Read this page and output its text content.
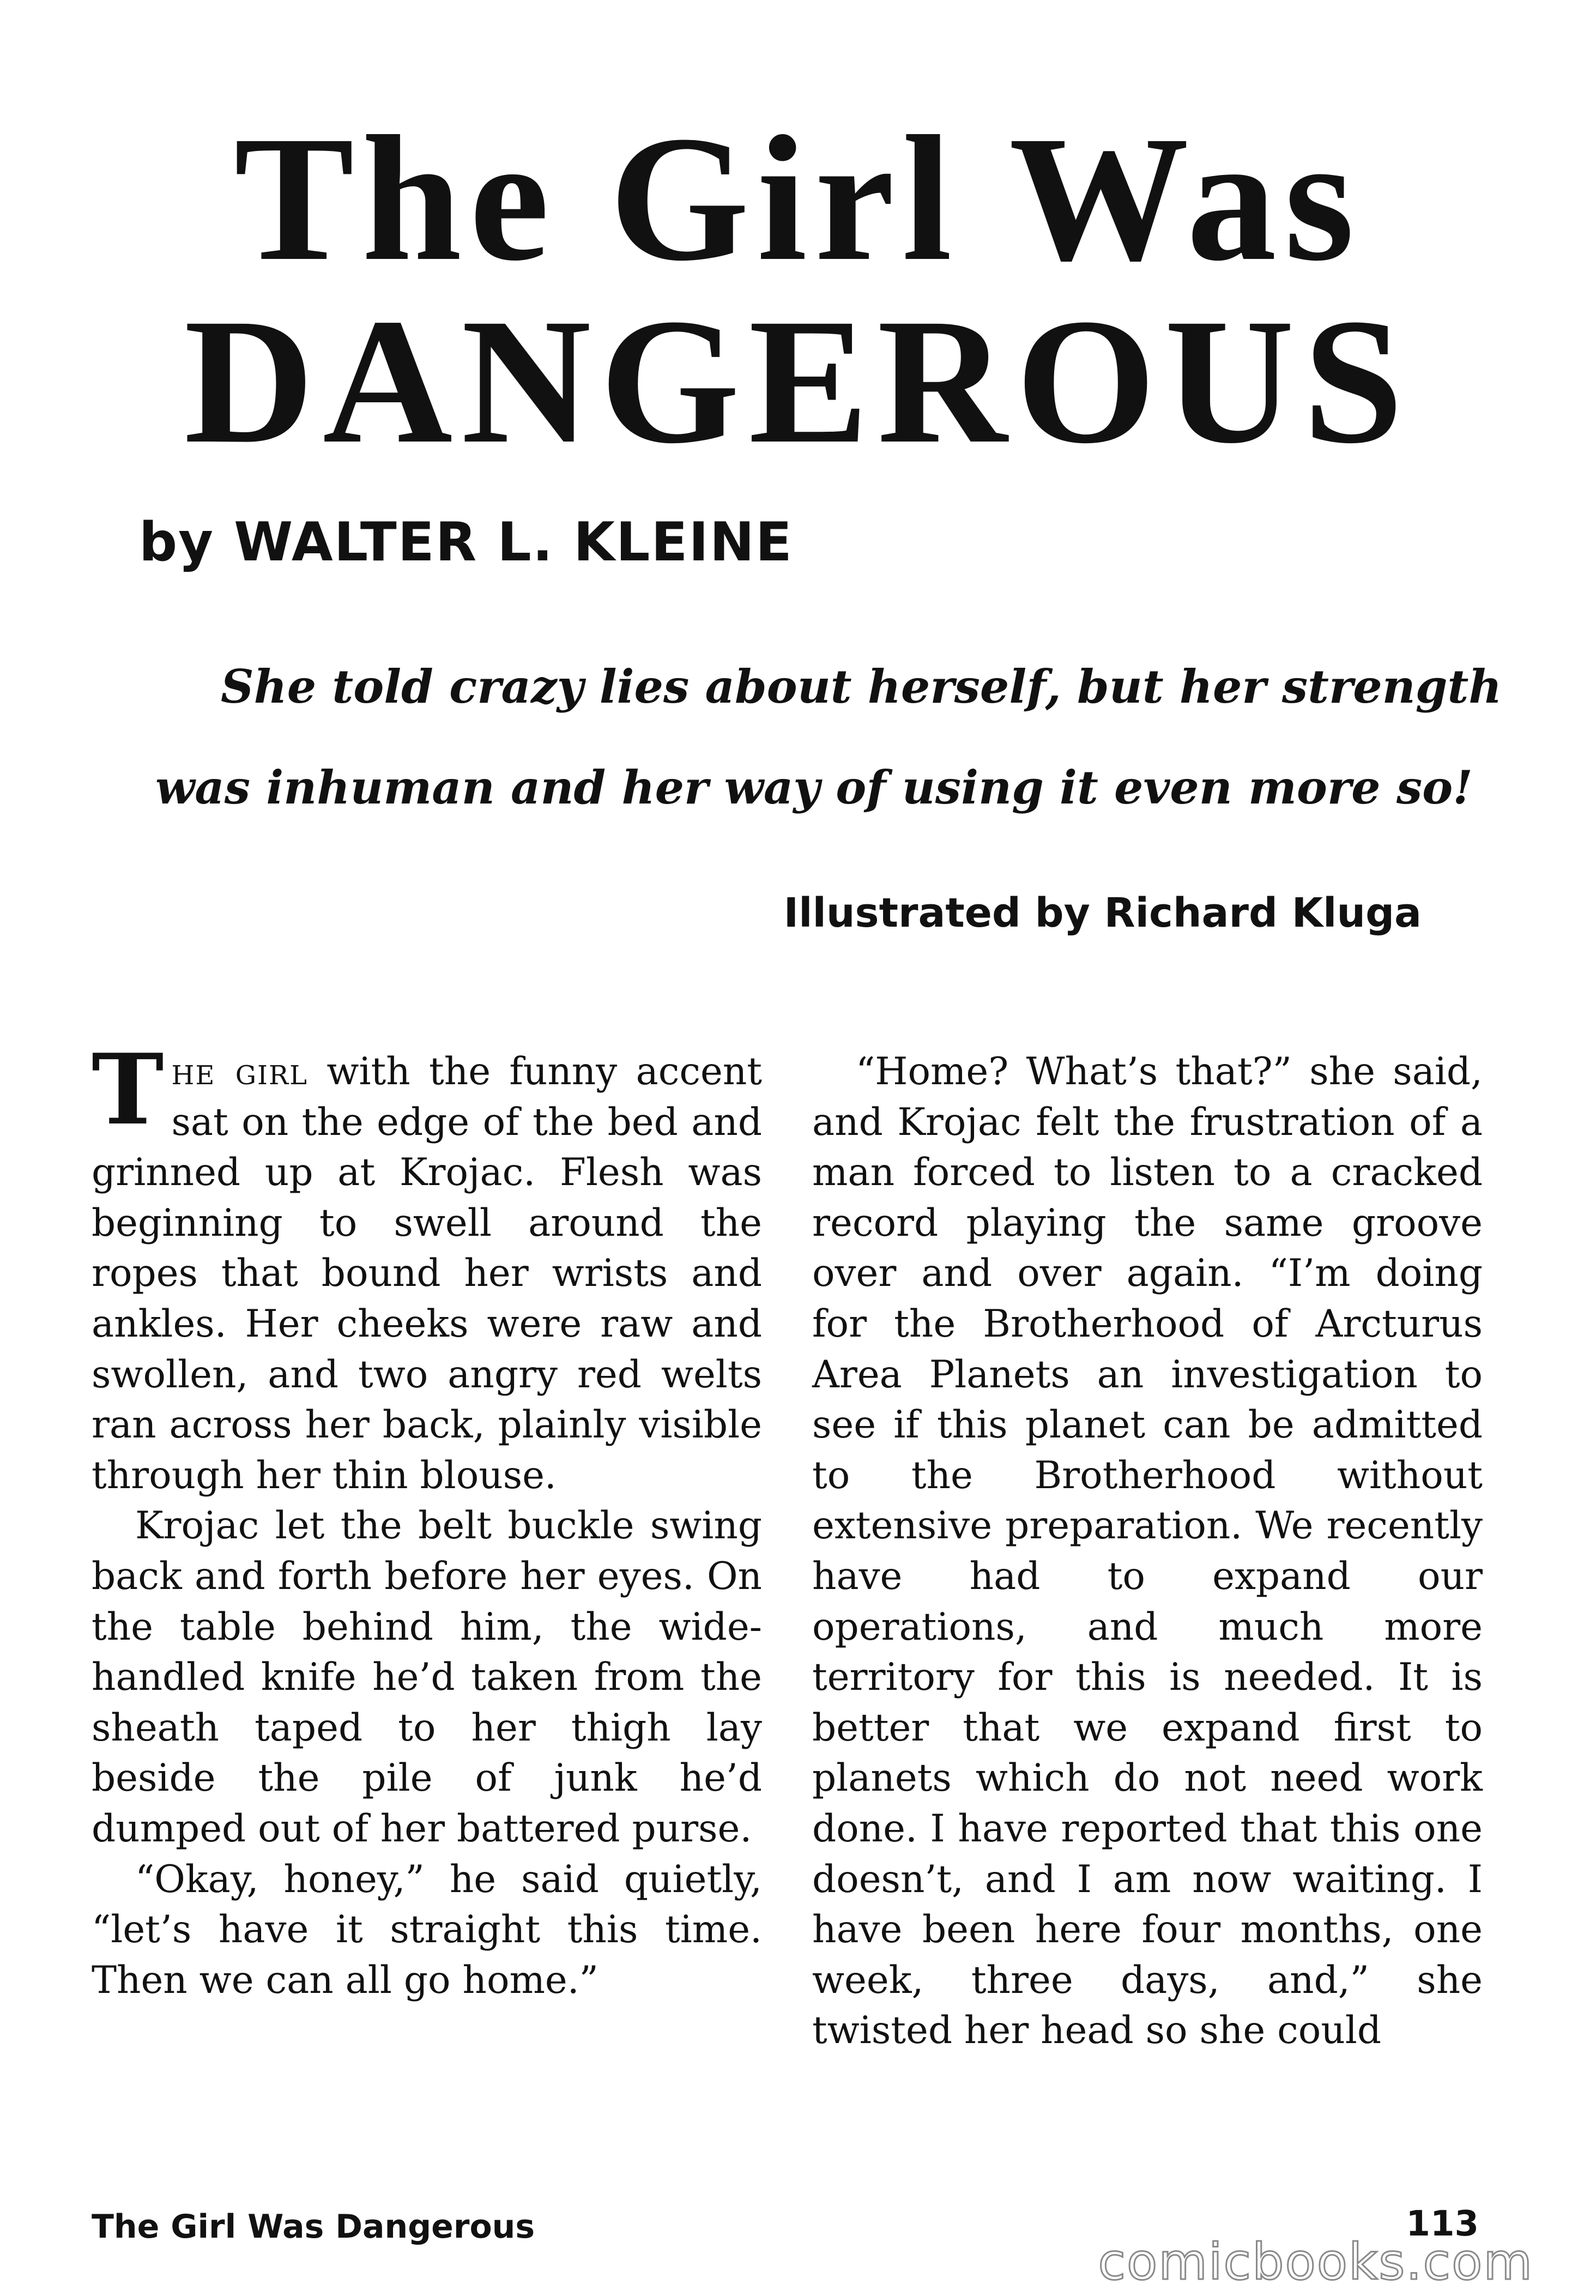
The Girl Was
DANGEROUS
by WALTER L. KLEINE
She told crazy lies about herself, but her strength
was inhuman and her way of using it even more so!
Illustrated by Richard Kluga

The girl with the funny accent sat on the edge of the bed and grinned up at Krojac. Flesh was beginning to swell around the ropes that bound her wrists and ankles. Her cheeks were raw and swollen, and two angry red welts ran across her back, plainly visible through her thin blouse.

Krojac let the belt buckle swing back and forth before her eyes. On the table behind him, the wide-handled knife he’d taken from the sheath taped to her thigh lay beside the pile of junk he’d dumped out of her battered purse.

“Okay, honey,” he said quietly, “let’s have it straight this time. Then we can all go home.”

“Home? What’s that?” she said, and Krojac felt the frustration of a man forced to listen to a cracked record playing the same groove over and over again. “I’m doing for the Brotherhood of Arcturus Area Planets an investigation to see if this planet can be admitted to the Brotherhood without extensive preparation. We recently have had to expand our operations, and much more territory for this is needed. It is better that we expand first to planets which do not need work done. I have reported that this one doesn’t, and I am now waiting. I have been here four months, one week, three days, and,” she twisted her head so she could

The Girl Was Dangerous	113
comicbooks.com
